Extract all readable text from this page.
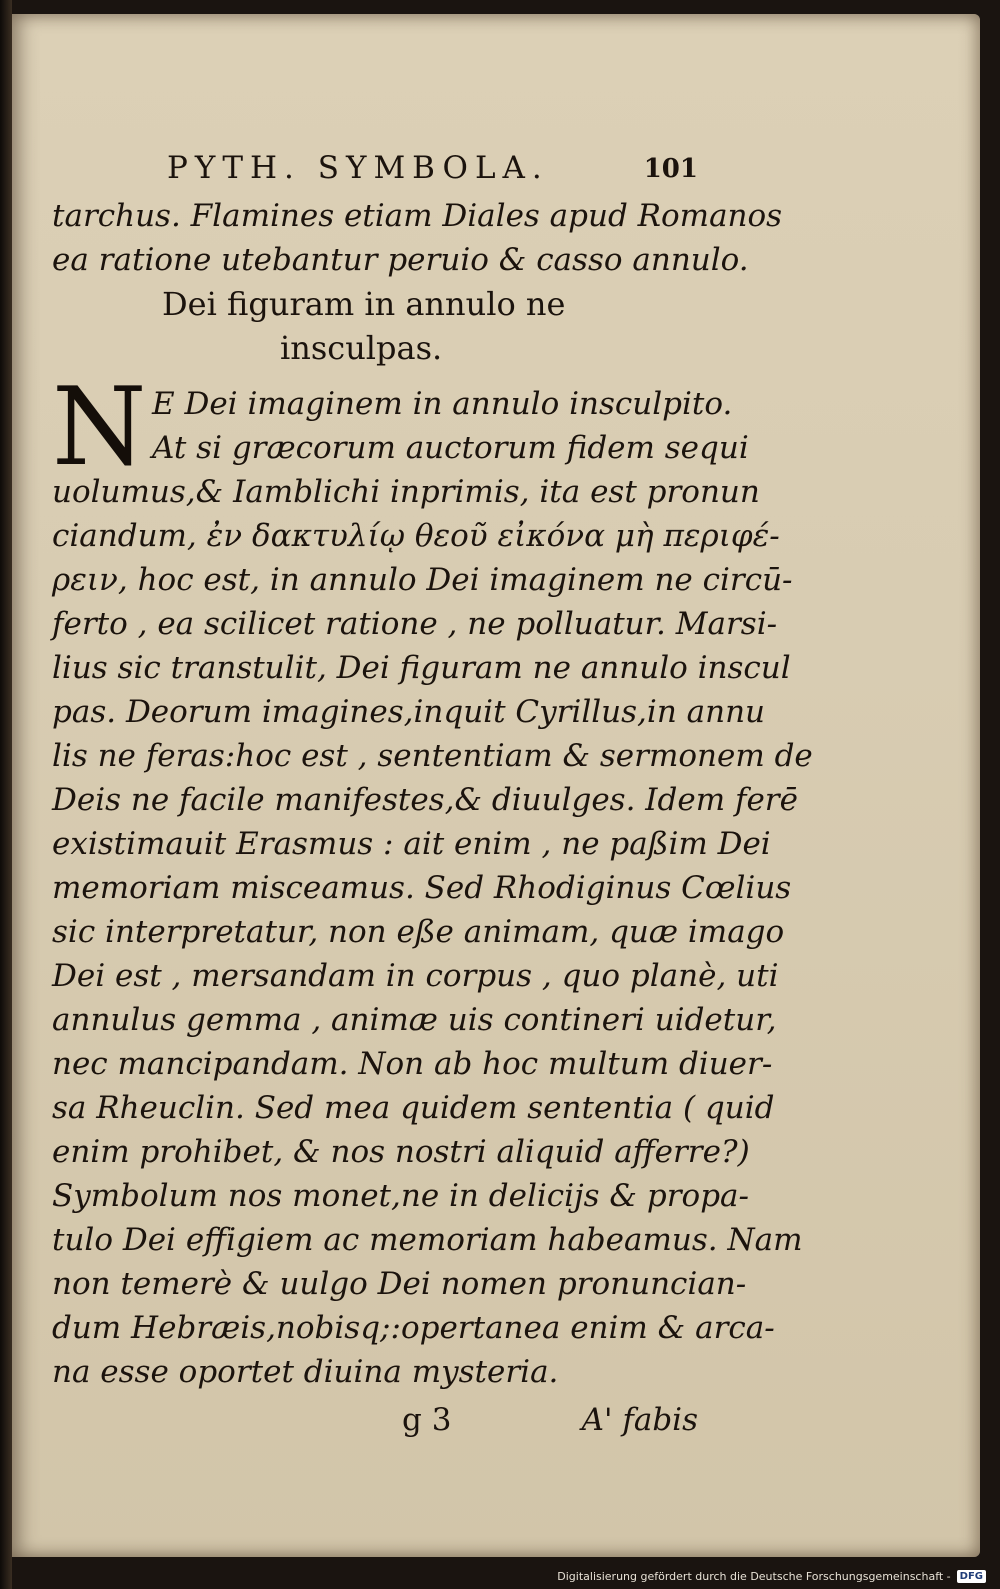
PYTH. SYMBOLA.	101
tarchus. Flamines etiam Diales apud Romanos
ea ratione utebantur peruio & casso annulo.
Dei figuram in annulo ne
insculpas.
N E Dei imaginem in annulo insculpito.
At si græcorum auctorum fidem sequi
uolumus,& Iamblichi inprimis, ita est pronun
ciandum, ἐν δακτυλίῳ θεοῦ εἰκόνα μὴ περιφέ-
ρειν, hoc est, in annulo Dei imaginem ne circū-
ferto , ea scilicet ratione , ne polluatur. Marsi-
lius sic transtulit, Dei figuram ne annulo inscul
pas. Deorum imagines,inquit Cyrillus,in annu
lis ne feras:hoc est , sententiam & sermonem de
Deis ne facile manifestes,& diuulges. Idem ferē
existimauit Erasmus : ait enim , ne paßim Dei
memoriam misceamus. Sed Rhodiginus Cœlius
sic interpretatur, non eße animam, quæ imago
Dei est , mersandam in corpus , quo planè, uti
annulus gemma , animæ uis contineri uidetur,
nec mancipandam. Non ab hoc multum diuer-
sa Rheuclin. Sed mea quidem sententia ( quid
enim prohibet, & nos nostri aliquid afferre?)
Symbolum nos monet,ne in delicijs & propa-
tulo Dei effigiem ac memoriam habeamus. Nam
non temerè & uulgo Dei nomen pronuncian-
dum Hebræis,nobisq;:opertanea enim & arca-
na esse oportet diuina mysteria.
g 3	A' fabis
Digitalisierung gefördert durch die Deutsche Forschungsgemeinschaft - DFG
